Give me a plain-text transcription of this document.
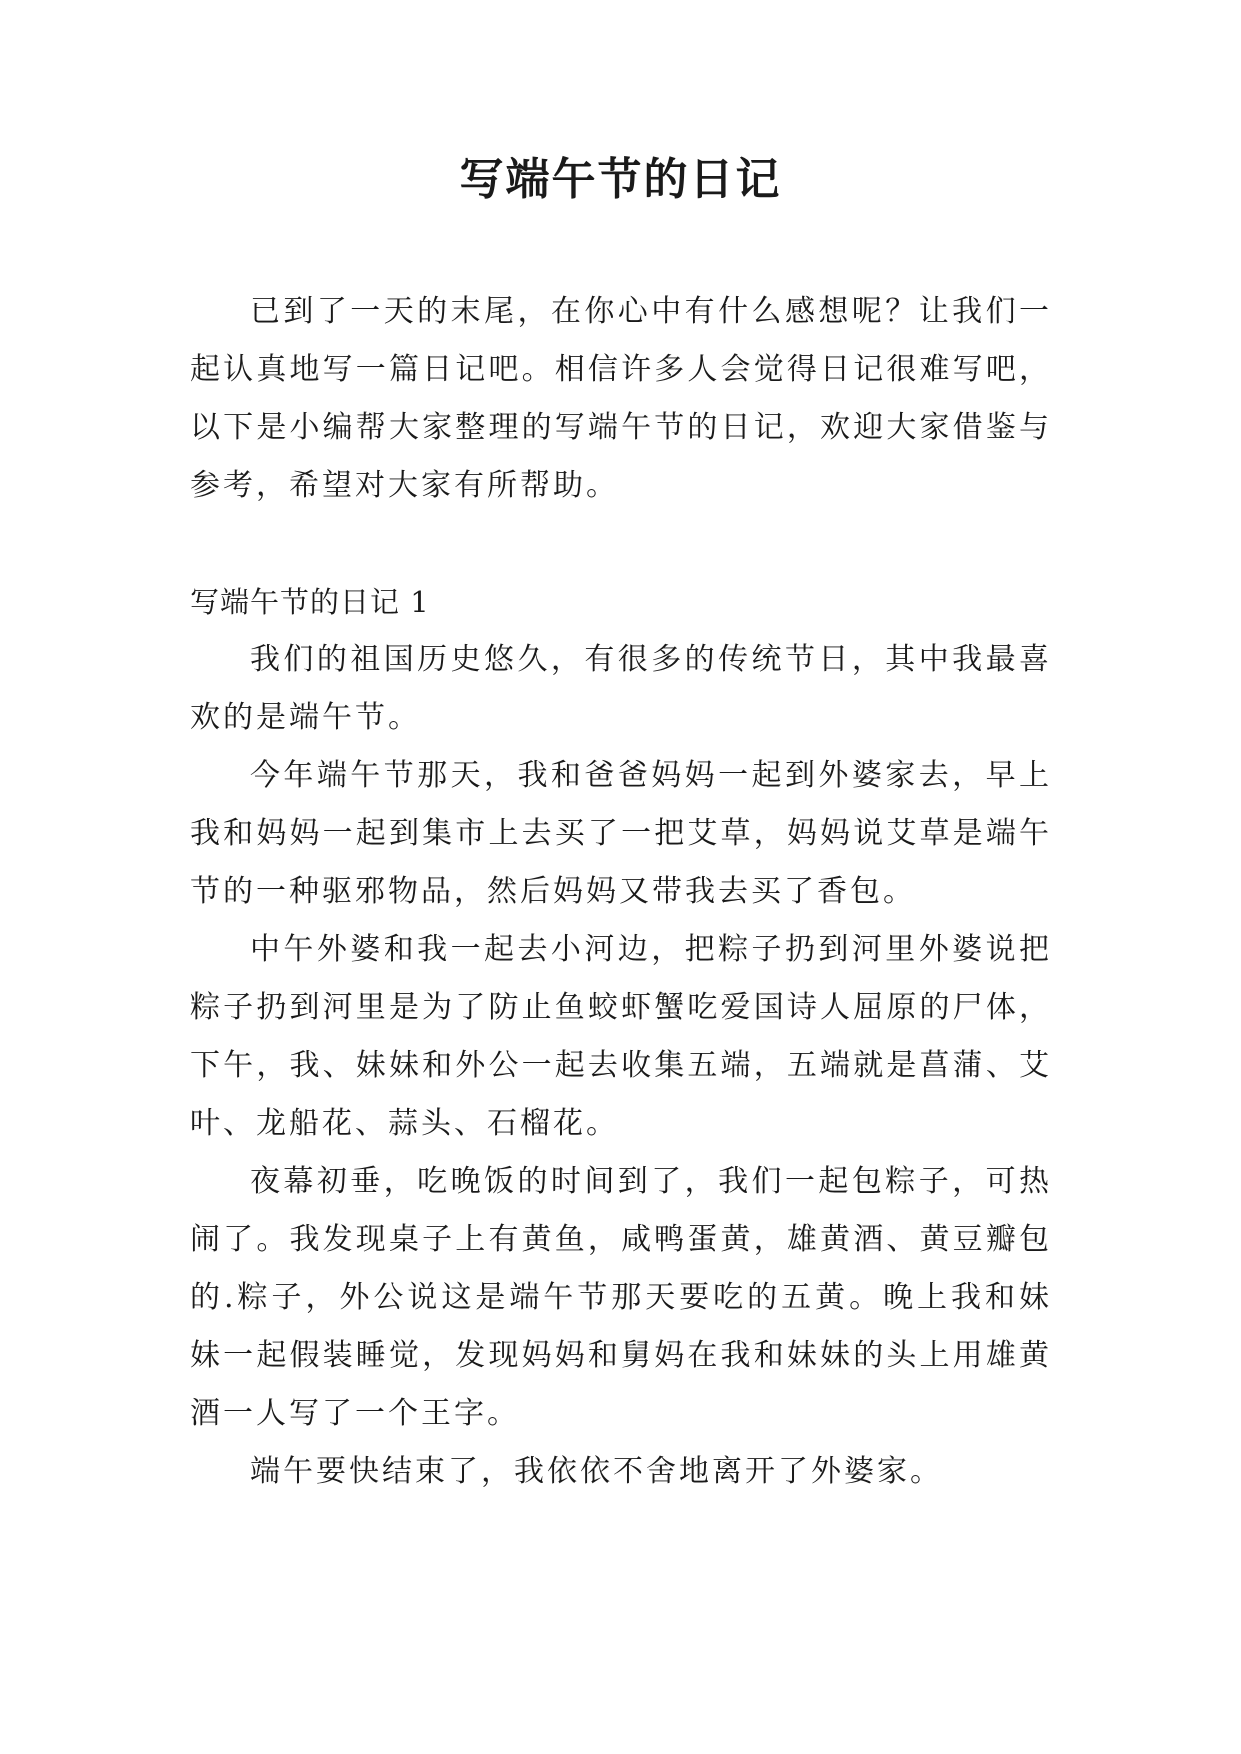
写端午节的日记

已到了一天的末尾，在你心中有什么感想呢？让我们一起认真地写一篇日记吧。相信许多人会觉得日记很难写吧，以下是小编帮大家整理的写端午节的日记，欢迎大家借鉴与参考，希望对大家有所帮助。

写端午节的日记 1

我们的祖国历史悠久，有很多的传统节日，其中我最喜欢的是端午节。

今年端午节那天，我和爸爸妈妈一起到外婆家去，早上我和妈妈一起到集市上去买了一把艾草，妈妈说艾草是端午节的一种驱邪物品，然后妈妈又带我去买了香包。

中午外婆和我一起去小河边，把粽子扔到河里外婆说把粽子扔到河里是为了防止鱼蛟虾蟹吃爱国诗人屈原的尸体，下午，我、妹妹和外公一起去收集五端，五端就是菖蒲、艾叶、龙船花、蒜头、石榴花。

夜幕初垂，吃晚饭的时间到了，我们一起包粽子，可热闹了。我发现桌子上有黄鱼，咸鸭蛋黄，雄黄酒、黄豆瓣包的.粽子，外公说这是端午节那天要吃的五黄。晚上我和妹妹一起假装睡觉，发现妈妈和舅妈在我和妹妹的头上用雄黄酒一人写了一个王字。

端午要快结束了，我依依不舍地离开了外婆家。
